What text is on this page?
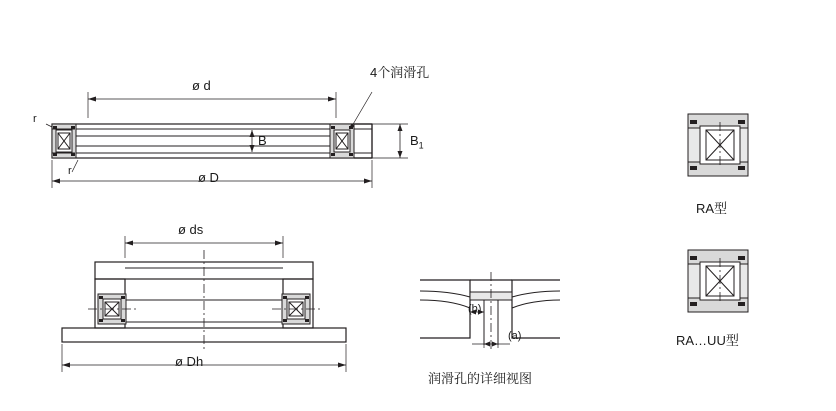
4个润滑孔
ø d
ø D
B	$B_1$
r
r
ø ds
ø Dh
(b)
(a)
润滑孔的详细视图
RA型
RA…UU型
